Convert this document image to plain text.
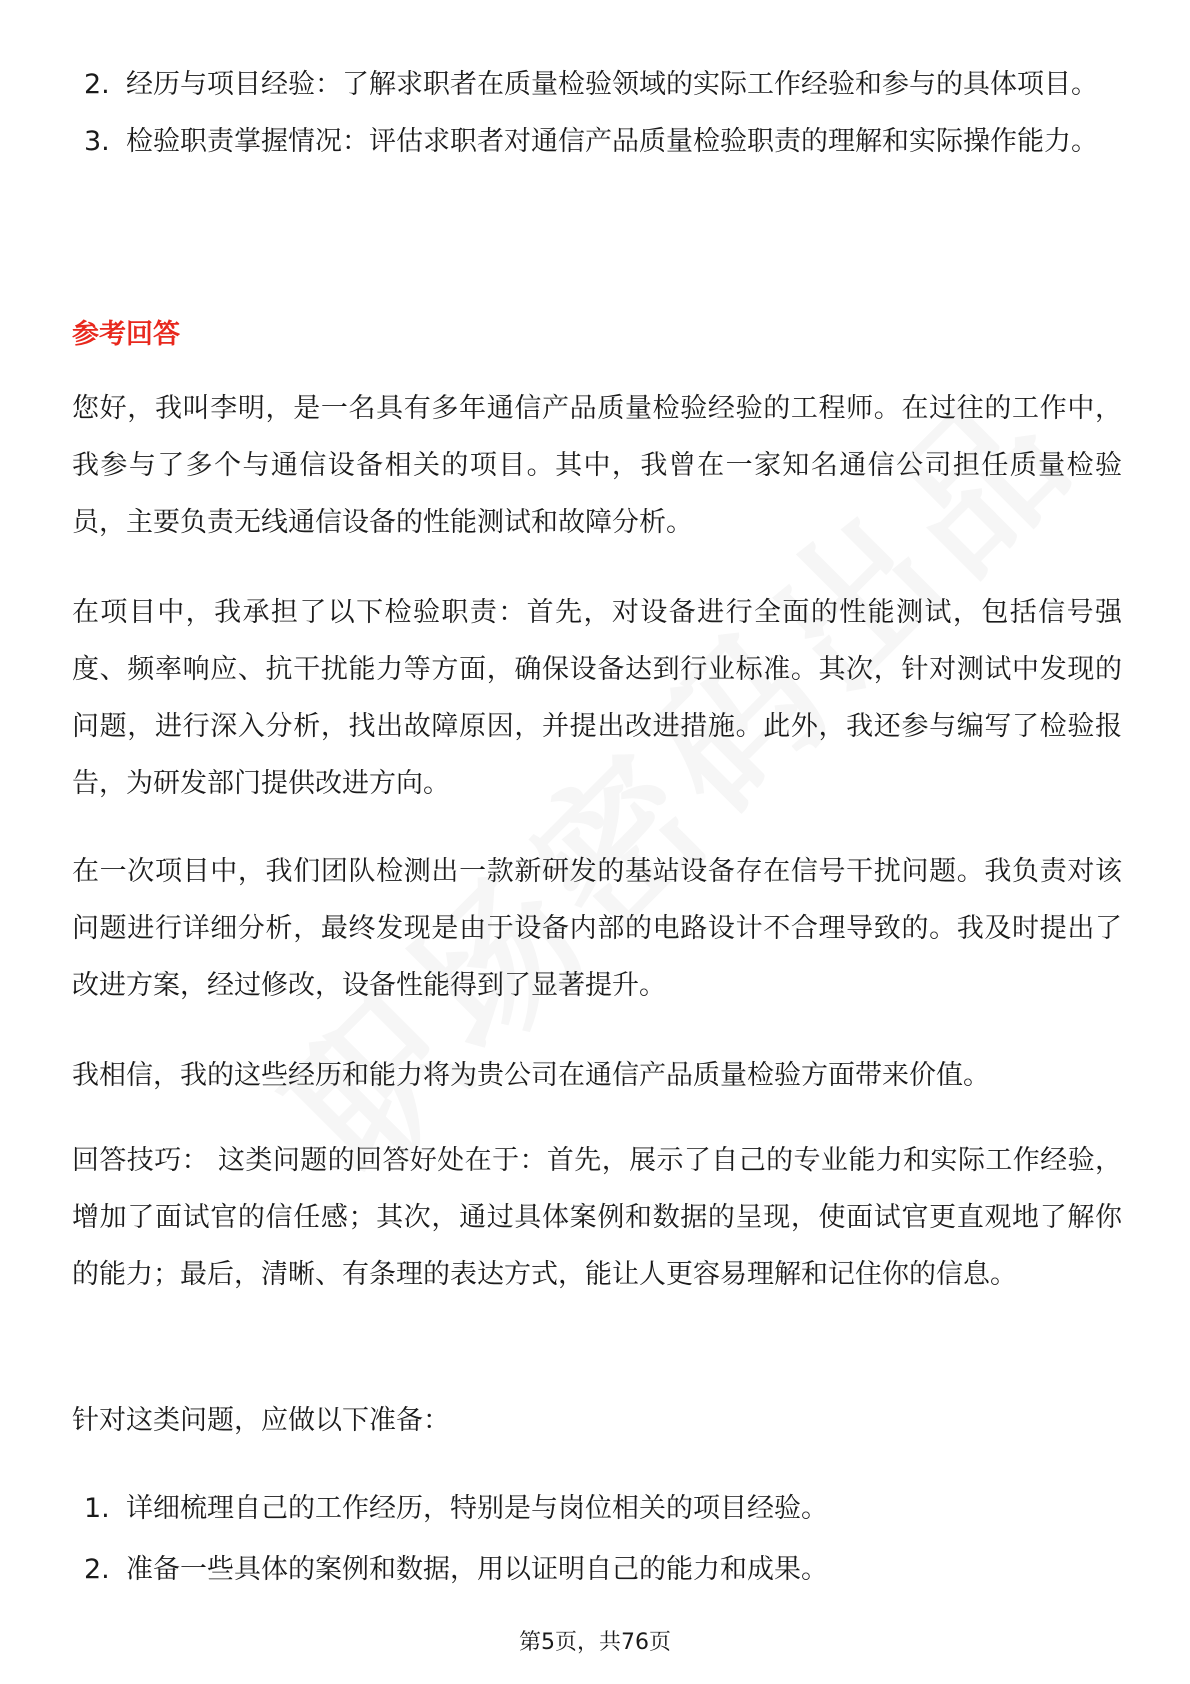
2. 经历与项目经验：了解求职者在质量检验领域的实际工作经验和参与的具体项目。
3. 检验职责掌握情况：评估求职者对通信产品质量检验职责的理解和实际操作能力。
参考回答

您好，我叫李明，是一名具有多年通信产品质量检验经验的工程师。在过往的工作中，我参与了多个与通信设备相关的项目。其中，我曾在一家知名通信公司担任质量检验员，主要负责无线通信设备的性能测试和故障分析。

在项目中，我承担了以下检验职责：首先，对设备进行全面的性能测试，包括信号强度、频率响应、抗干扰能力等方面，确保设备达到行业标准。其次，针对测试中发现的问题，进行深入分析，找出故障原因，并提出改进措施。此外，我还参与编写了检验报告，为研发部门提供改进方向。

在一次项目中，我们团队检测出一款新研发的基站设备存在信号干扰问题。我负责对该问题进行详细分析，最终发现是由于设备内部的电路设计不合理导致的。我及时提出了改进方案，经过修改，设备性能得到了显著提升。

我相信，我的这些经历和能力将为贵公司在通信产品质量检验方面带来价值。

回答技巧： 这类问题的回答好处在于：首先，展示了自己的专业能力和实际工作经验，增加了面试官的信任感；其次，通过具体案例和数据的呈现，使面试官更直观地了解你的能力；最后，清晰、有条理的表达方式，能让人更容易理解和记住你的信息。

针对这类问题，应做以下准备：

1. 详细梳理自己的工作经历，特别是与岗位相关的项目经验。
2. 准备一些具体的案例和数据，用以证明自己的能力和成果。
第5页，共76页
